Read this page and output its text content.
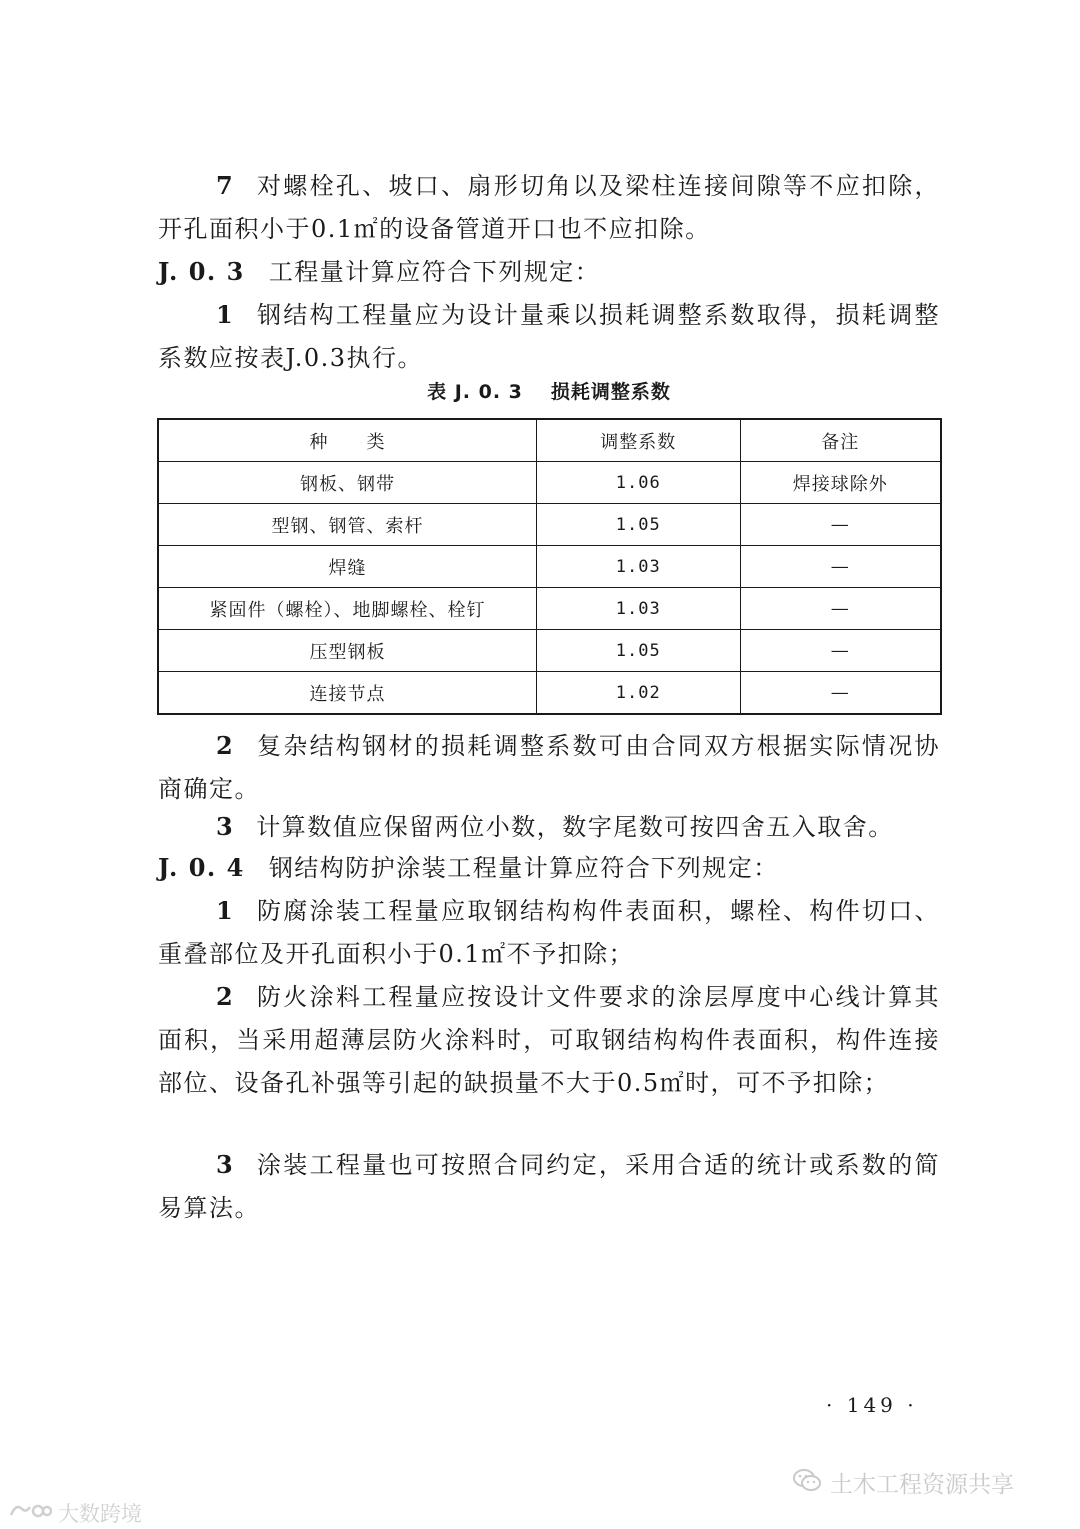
7 对螺栓孔、坡口、扇形切角以及梁柱连接间隙等不应扣除，开孔面积小于0.1㎡的设备管道开口也不应扣除。

J. 0. 3 工程量计算应符合下列规定：

1 钢结构工程量应为设计量乘以损耗调整系数取得，损耗调整系数应按表J.0.3执行。

表 J. 0. 3 损耗调整系数
种　　类	调整系数	备注
钢板、钢带	1.06	焊接球除外
型钢、钢管、索杆	1.05	—
焊缝	1.03	—
紧固件（螺栓）、地脚螺栓、栓钉	1.03	—
压型钢板	1.05	—
连接节点	1.02	—

2 复杂结构钢材的损耗调整系数可由合同双方根据实际情况协商确定。

3 计算数值应保留两位小数，数字尾数可按四舍五入取舍。

J. 0. 4 钢结构防护涂装工程量计算应符合下列规定：

1 防腐涂装工程量应取钢结构构件表面积，螺栓、构件切口、重叠部位及开孔面积小于0.1㎡不予扣除；

2 防火涂料工程量应按设计文件要求的涂层厚度中心线计算其面积，当采用超薄层防火涂料时，可取钢结构构件表面积，构件连接部位、设备孔补强等引起的缺损量不大于0.5㎡时，可不予扣除；

3 涂装工程量也可按照合同约定，采用合适的统计或系数的简易算法。

· 149 ·
土木工程资源共享
大数跨境
